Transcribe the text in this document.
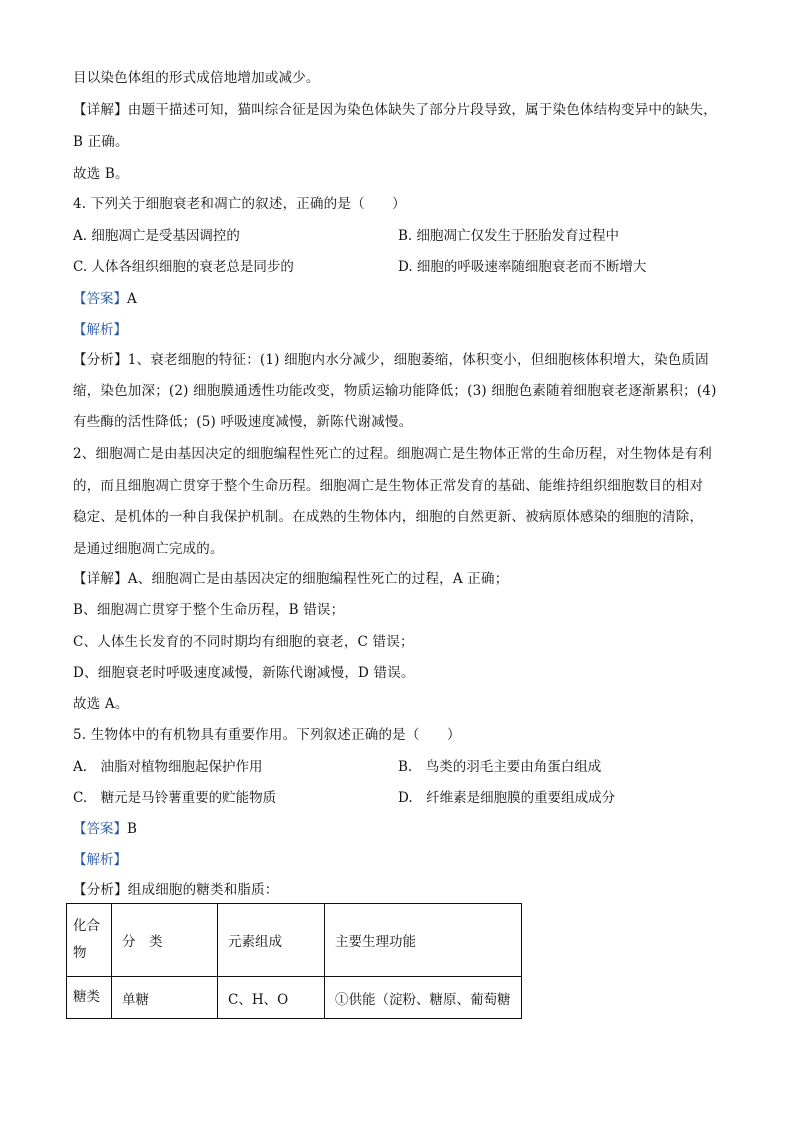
目以染色体组的形式成倍地增加或减少。
【详解】由题干描述可知，猫叫综合征是因为染色体缺失了部分片段导致，属于染色体结构变异中的缺失，
B 正确。
故选 B。
4. 下列关于细胞衰老和凋亡的叙述，正确的是（　　）
A. 细胞凋亡是受基因调控的	B. 细胞凋亡仅发生于胚胎发育过程中
C. 人体各组织细胞的衰老总是同步的	D. 细胞的呼吸速率随细胞衰老而不断增大
【答案】A
【解析】
【分析】1、衰老细胞的特征：(1) 细胞内水分减少，细胞萎缩，体积变小，但细胞核体积增大，染色质固
缩，染色加深；(2) 细胞膜通透性功能改变，物质运输功能降低；(3) 细胞色素随着细胞衰老逐渐累积；(4)
有些酶的活性降低；(5) 呼吸速度减慢，新陈代谢减慢。
2、细胞凋亡是由基因决定的细胞编程性死亡的过程。细胞凋亡是生物体正常的生命历程，对生物体是有利
的，而且细胞凋亡贯穿于整个生命历程。细胞凋亡是生物体正常发育的基础、能维持组织细胞数目的相对
稳定、是机体的一种自我保护机制。在成熟的生物体内，细胞的自然更新、被病原体感染的细胞的清除，
是通过细胞凋亡完成的。
【详解】A、细胞凋亡是由基因决定的细胞编程性死亡的过程，A 正确；
B、细胞凋亡贯穿于整个生命历程，B 错误；
C、人体生长发育的不同时期均有细胞的衰老，C 错误；
D、细胞衰老时呼吸速度减慢，新陈代谢减慢，D 错误。
故选 A。
5. 生物体中的有机物具有重要作用。下列叙述正确的是（　　）
A.　油脂对植物细胞起保护作用	B.　鸟类的羽毛主要由角蛋白组成
C.　糖元是马铃薯重要的贮能物质	D.　纤维素是细胞膜的重要组成成分
【答案】B
【解析】
【分析】组成细胞的糖类和脂质：
化合
物	分　类	元素组成	主要生理功能
糖类	单糖	C、H、O	①供能（淀粉、糖原、葡萄糖
